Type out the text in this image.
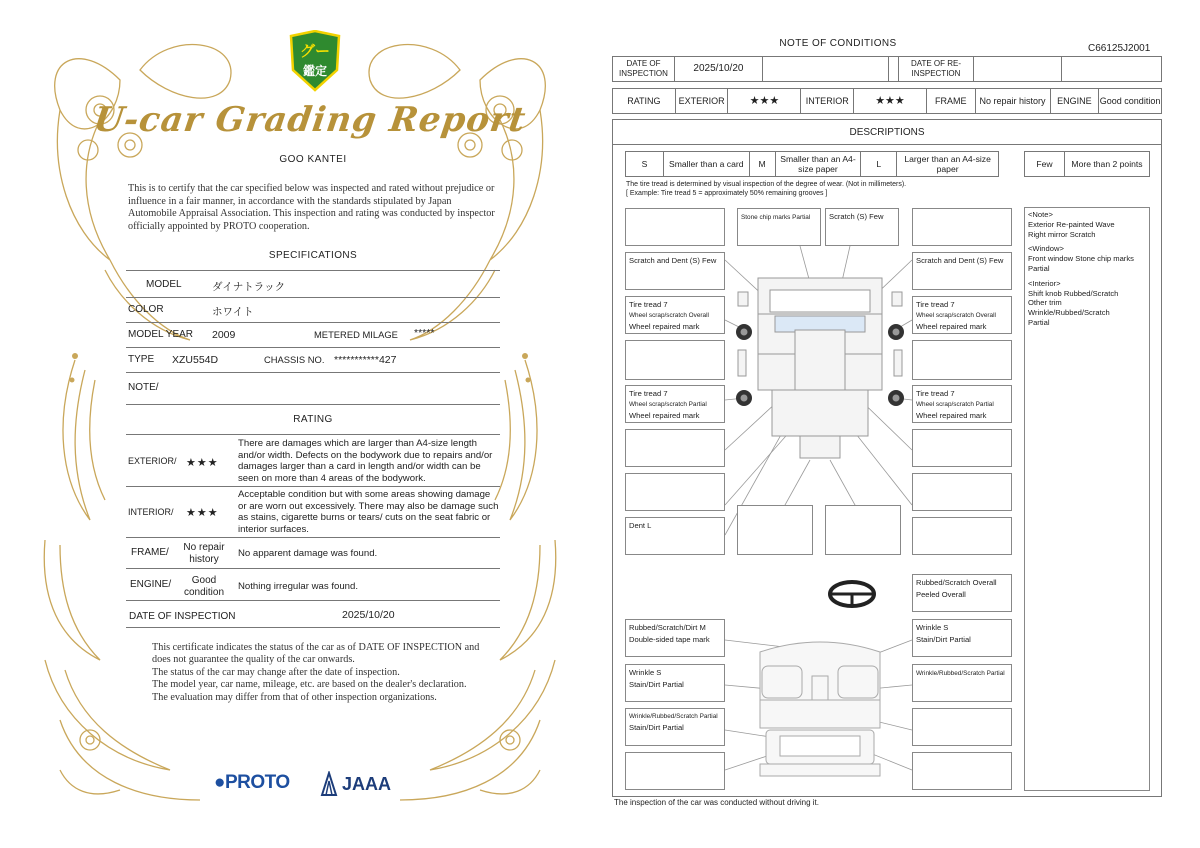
グー
鑑定
U-car Grading Report
GOO KANTEI
This is to certify that the car specified below was inspected and rated without prejudice or influence in a fair manner, in accordance with the standards stipulated by Japan Automobile Appraisal Association. This inspection and rating was conducted by inspector officially appointed by PROTO cooperation.
SPECIFICATIONS
MODEL	ダイナトラック
COLOR	ホワイト
MODEL YEAR 2009	METERED MILAGE *****
TYPE XZU554D	CHASSIS NO. ***********427
NOTE/
RATING
EXTERIOR/ ★★★
There are damages which are larger than A4-size length and/or width. Defects on the bodywork due to repairs and/or damages larger than a card in length and/or width can be seen on more than 4 areas of the bodywork.
INTERIOR/ ★★★
Acceptable condition but with some areas showing damage or are worn out excessively. There may also be damage such as stains, cigarette burns or tears/ cuts on the seat fabric or interior surfaces.
FRAME/	No repair history
No apparent damage was found.
ENGINE/	Good condition
Nothing irregular was found.
DATE OF INSPECTION	2025/10/20
This certificate indicates the status of the car as of DATE OF INSPECTION and does not guarantee the quality of the car onwards.
The status of the car may change after the date of inspection.
The model year, car name, mileage, etc. are based on the dealer's declaration.
The evaluation may differ from that of other inspection organizations.
●PROTO	JAAA
NOTE OF CONDITIONS	C66125J2001
DATE OF INSPECTION	2025/10/20			DATE OF RE-INSPECTION		
RATING	EXTERIOR	★★★	INTERIOR	★★★	FRAME	No repair history	ENGINE	Good condition
DESCRIPTIONS
S	Smaller than a card	M	Smaller than an A4-size paper	L	Larger than an A4-size paper	Few	More than 2 points
The tire tread is determined by visual inspection of the degree of wear. (Not in millimeters).
[ Example: Tire tread 5 = approximately 50% remaining grooves ]
Stone chip marks Partial	Scratch (S) Few
Scratch and Dent (S) Few	Scratch and Dent (S) Few
Tire tread 7
Wheel scrap/scratch Overall
Wheel repaired mark
Tire tread 7
Wheel scrap/scratch Overall
Wheel repaired mark
Tire tread 7
Wheel scrap/scratch Partial
Wheel repaired mark
Tire tread 7
Wheel scrap/scratch Partial
Wheel repaired mark
Dent L
Rubbed/Scratch Overall
Peeled Overall
Rubbed/Scratch/Dirt M
Double-sided tape mark
Wrinkle S
Stain/Dirt Partial
Wrinkle S
Stain/Dirt Partial
Wrinkle/Rubbed/Scratch Partial
Wrinkle/Rubbed/Scratch Partial
Stain/Dirt Partial
<Note>
Exterior Re-painted Wave
Right mirror Scratch
<Window>
Front window Stone chip marks
Partial
<Interior>
Shift knob Rubbed/Scratch
Other trim
Wrinkle/Rubbed/Scratch
Partial
The inspection of the car was conducted without driving it.
